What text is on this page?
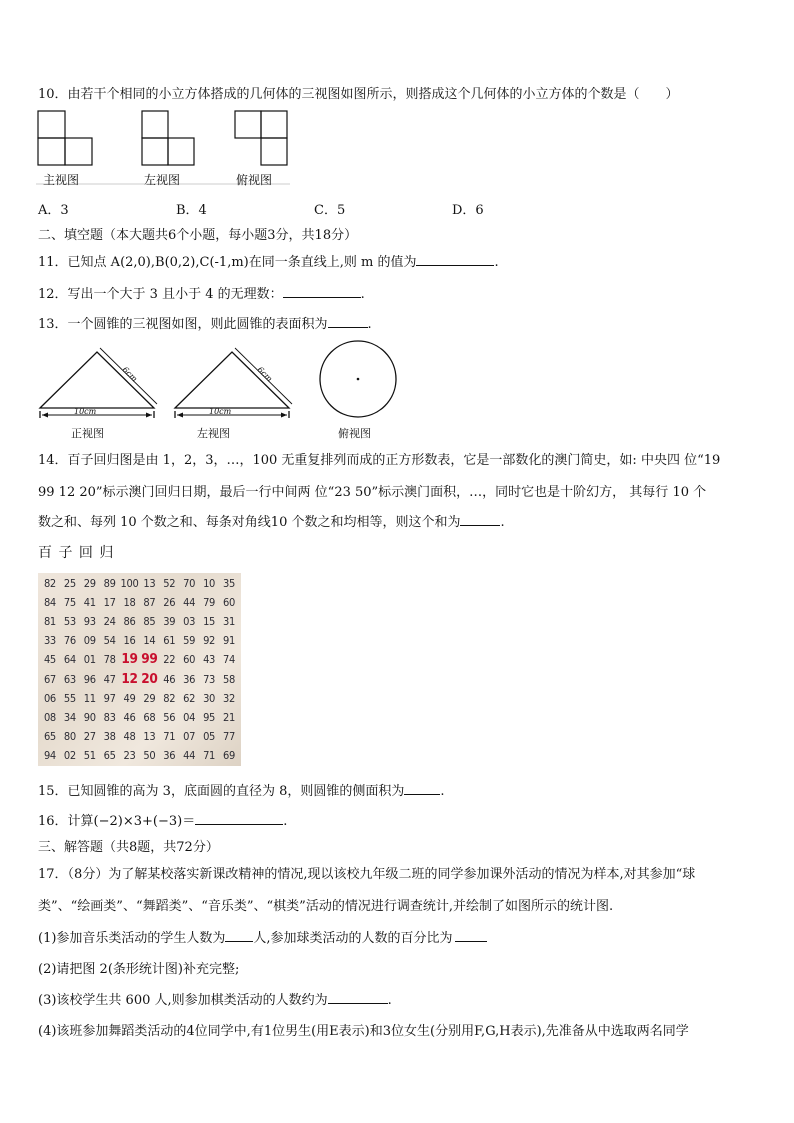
10．由若干个相同的小立方体搭成的几何体的三视图如图所示，则搭成这个几何体的小立方体的个数是（　　）
主视图	左视图	俯视图
A．3	B．4	C．5	D．6
二、填空题（本大题共6个小题，每小题3分，共18分）
11．已知点 A(2,0),B(0,2),C(-1,m)在同一条直线上,则 m 的值为	.
12．写出一个大于 3 且小于 4 的无理数：	.
13．一个圆锥的三视图如图，则此圆锥的表面积为	.
10cm
6cm
10cm
6cm
正视图	左视图	俯视图
14．百子回归图是由 1，2，3，…，100 无重复排列而成的正方形数表，它是一部数化的澳门简史，如: 中央四 位“19
99 12 20”标示澳门回归日期，最后一行中间两 位“23 50”标示澳门面积，…，同时它也是十阶幻方， 其每行 10 个
数之和、每列 10 个数之和、每条对角线10 个数之和均相等，则这个和为	.
百 子 回 归
82	25	29	89	100	13	52	70	10	35
84	75	41	17	18	87	26	44	79	60
81	53	93	24	86	85	39	03	15	31
33	76	09	54	16	14	61	59	92	91
45	64	01	78	19	99	22	60	43	74
67	63	96	47	12	20	46	36	73	58
06	55	11	97	49	29	82	62	30	32
08	34	90	83	46	68	56	04	95	21
65	80	27	38	48	13	71	07	05	77
94	02	51	65	23	50	36	44	71	69
15．已知圆锥的高为 3，底面圆的直径为 8，则圆锥的侧面积为	.
16．计算(−2)×3+(−3)＝	.
三、解答题（共8题，共72分）
17．（8分）为了解某校落实新课改精神的情况,现以该校九年级二班的同学参加课外活动的情况为样本,对其参加“球
类”、“绘画类”、“舞蹈类”、“音乐类”、“棋类”活动的情况进行调查统计,并绘制了如图所示的统计图.
(1)参加音乐类活动的学生人数为 人,参加球类活动的人数的百分比为
(2)请把图 2(条形统计图)补充完整;
(3)该校学生共 600 人,则参加棋类活动的人数约为	.
(4)该班参加舞蹈类活动的4位同学中,有1位男生(用E表示)和3位女生(分别用F,G,H表示),先准备从中选取两名同学
